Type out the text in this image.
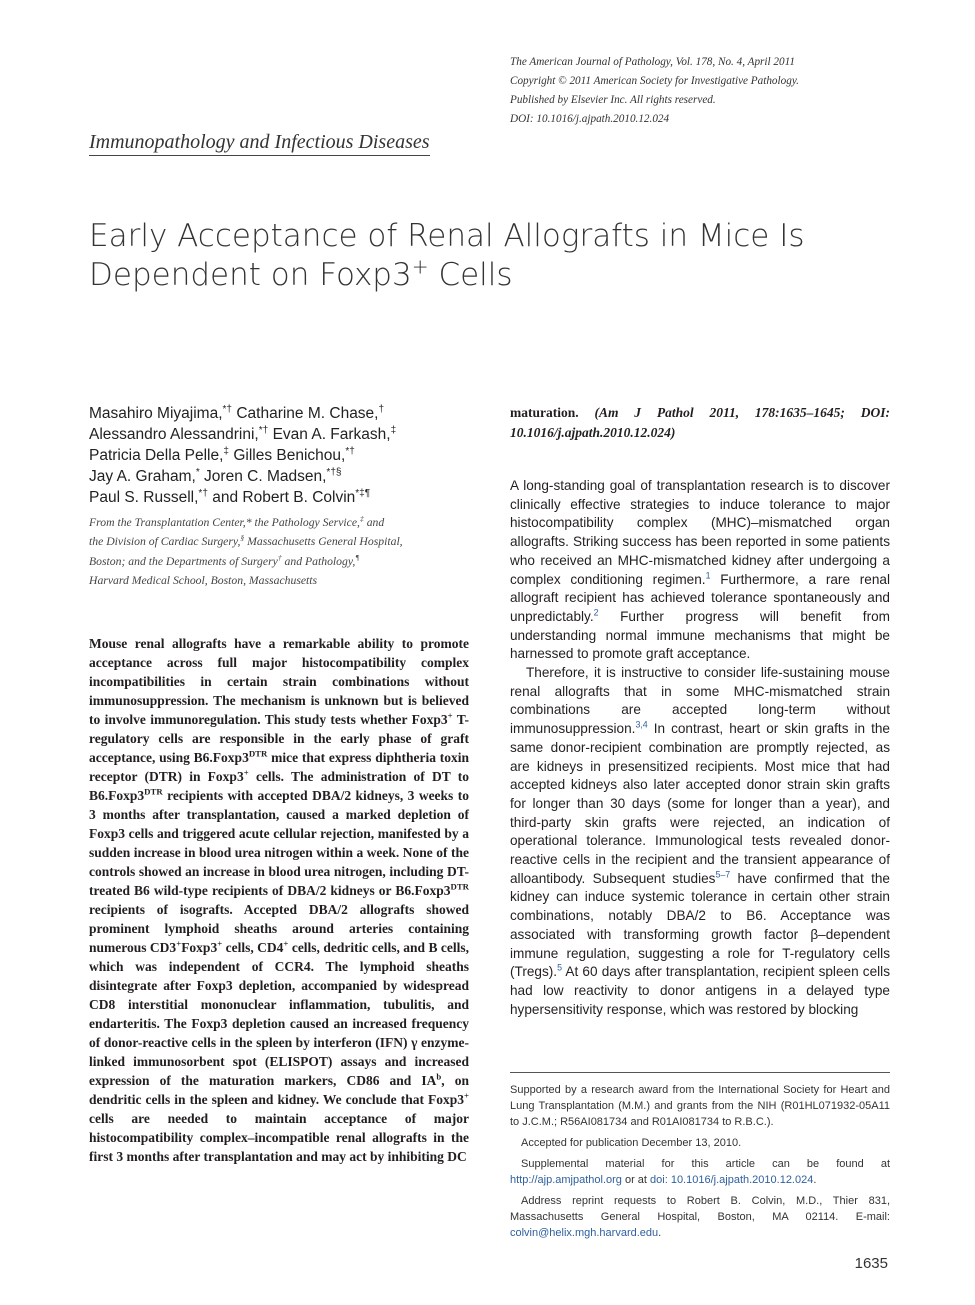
The American Journal of Pathology, Vol. 178, No. 4, April 2011
Copyright © 2011 American Society for Investigative Pathology.
Published by Elsevier Inc. All rights reserved.
DOI: 10.1016/j.ajpath.2010.12.024
Immunopathology and Infectious Diseases
Early Acceptance of Renal Allografts in Mice Is
Dependent on Foxp3+ Cells
Masahiro Miyajima,*† Catharine M. Chase,†
Alessandro Alessandrini,*† Evan A. Farkash,‡
Patricia Della Pelle,‡ Gilles Benichou,*†
Jay A. Graham,* Joren C. Madsen,*†§
Paul S. Russell,*† and Robert B. Colvin*‡¶
From the Transplantation Center,* the Pathology Service,‡ and
the Division of Cardiac Surgery,§ Massachusetts General Hospital,
Boston; and the Departments of Surgery† and Pathology,¶
Harvard Medical School, Boston, Massachusetts
Mouse renal allografts have a remarkable ability to promote acceptance across full major histocompatibility complex incompatibilities in certain strain combinations without immunosuppression. The mechanism is unknown but is believed to involve immunoregulation. This study tests whether Foxp3+ T-regulatory cells are responsible in the early phase of graft acceptance, using $B6.Foxp3^{DTR}$ mice that express diphtheria toxin receptor (DTR) in Foxp3+ cells. The administration of DT to $B6.Foxp3^{DTR}$ recipients with accepted DBA/2 kidneys, 3 weeks to 3 months after transplantation, caused a marked depletion of Foxp3 cells and triggered acute cellular rejection, manifested by a sudden increase in blood urea nitrogen within a week. None of the controls showed an increase in blood urea nitrogen, including DT-treated B6 wild-type recipients of DBA/2 kidneys or $B6.Foxp3^{DTR}$ recipients of isografts. Accepted DBA/2 allografts showed prominent lymphoid sheaths around arteries containing numerous CD3+Foxp3+ cells, CD4+ cells, dedritic cells, and B cells, which was independent of CCR4. The lymphoid sheaths disintegrate after Foxp3 depletion, accompanied by widespread CD8 interstitial mononuclear inflammation, tubulitis, and endarteritis. The Foxp3 depletion caused an increased frequency of donor-reactive cells in the spleen by interferon (IFN) γ enzyme-linked immunosorbent spot (ELISPOT) assays and increased expression of the maturation markers, CD86 and $IA^b$, on dendritic cells in the spleen and kidney. We conclude that Foxp3+ cells are needed to maintain acceptance of major histocompatibility complex–incompatible renal allografts in the first 3 months after transplantation and may act by inhibiting DC
maturation. (Am J Pathol 2011, 178:1635–1645; DOI: 10.1016/j.ajpath.2010.12.024)

A long-standing goal of transplantation research is to discover clinically effective strategies to induce tolerance to major histocompatibility complex (MHC)–mismatched organ allografts. Striking success has been reported in some patients who received an MHC-mismatched kidney after undergoing a complex conditioning regimen.$^1$ Furthermore, a rare renal allograft recipient has achieved tolerance spontaneously and unpredictably.$^2$ Further progress will benefit from understanding normal immune mechanisms that might be harnessed to promote graft acceptance.

Therefore, it is instructive to consider life-sustaining mouse renal allografts that in some MHC-mismatched strain combinations are accepted long-term without immunosuppression.$^{3,4}$ In contrast, heart or skin grafts in the same donor-recipient combination are promptly rejected, as are kidneys in presensitized recipients. Most mice that had accepted kidneys also later accepted donor strain skin grafts for longer than 30 days (some for longer than a year), and third-party skin grafts were rejected, an indication of operational tolerance. Immunological tests revealed donor-reactive cells in the recipient and the transient appearance of alloantibody. Subsequent studies$^{5-7}$ have confirmed that the kidney can induce systemic tolerance in certain other strain combinations, notably DBA/2 to B6. Acceptance was associated with transforming growth factor β–dependent immune regulation, suggesting a role for T-regulatory cells (Tregs).$^5$ At 60 days after transplantation, recipient spleen cells had low reactivity to donor antigens in a delayed type hypersensitivity response, which was restored by blocking

Supported by a research award from the International Society for Heart and Lung Transplantation (M.M.) and grants from the NIH (R01HL071932-05A11 to J.C.M.; R56AI081734 and R01AI081734 to R.B.C.).

Accepted for publication December 13, 2010.

Supplemental material for this article can be found at http://ajp.amjpathol.org or at doi: 10.1016/j.ajpath.2010.12.024.

Address reprint requests to Robert B. Colvin, M.D., Thier 831, Massachusetts General Hospital, Boston, MA 02114. E-mail: colvin@helix.mgh.harvard.edu.

1635
